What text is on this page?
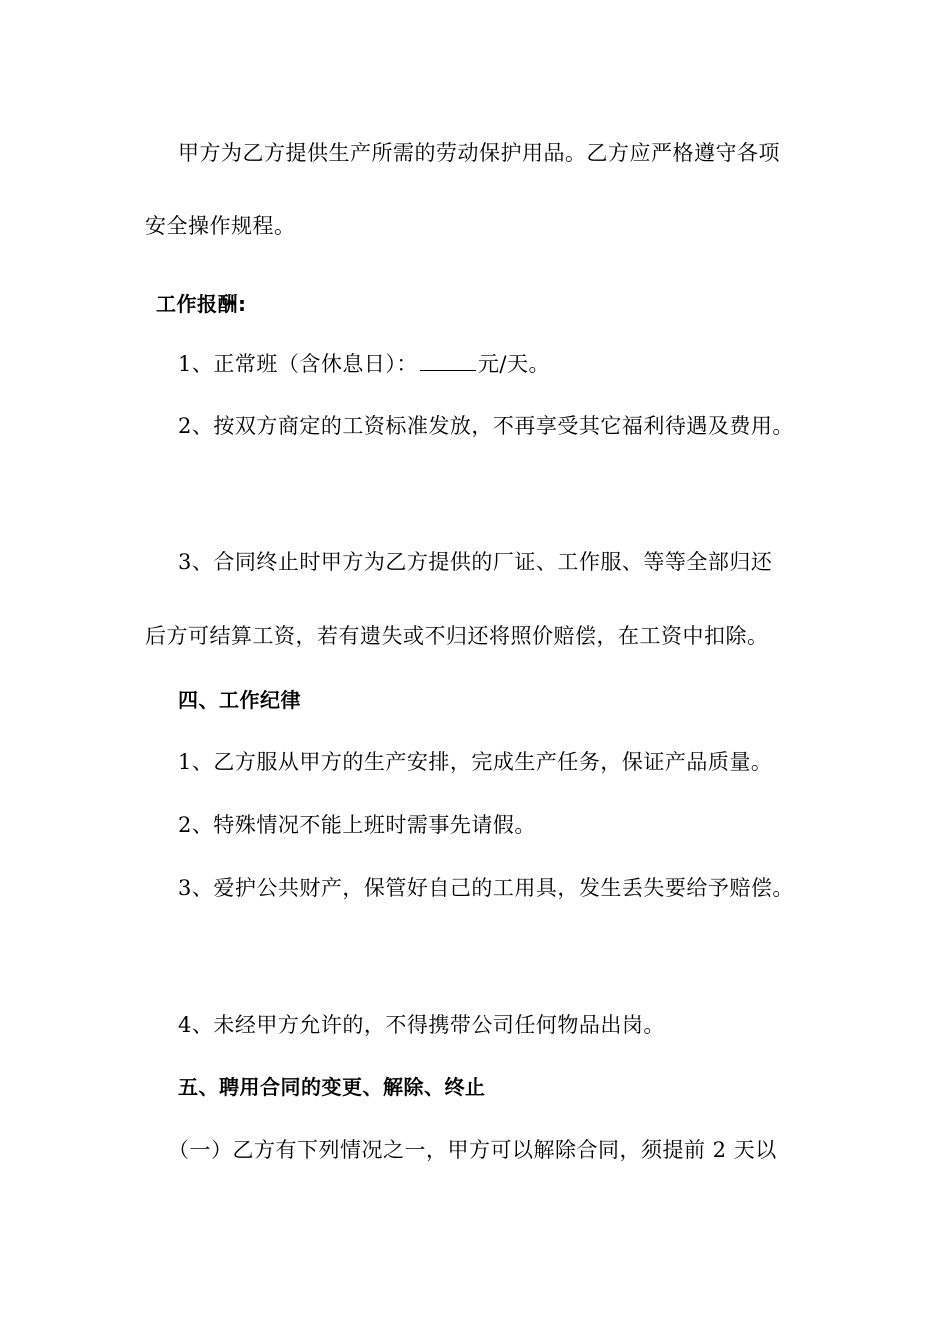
甲方为乙方提供生产所需的劳动保护用品。乙方应严格遵守各项
安全操作规程。
工作报酬:
1、正常班（含休息日）：	元/天。
2、按双方商定的工资标准发放，不再享受其它福利待遇及费用。
3、合同终止时甲方为乙方提供的厂证、工作服、等等全部归还
后方可结算工资，若有遗失或不归还将照价赔偿，在工资中扣除。
四、工作纪律
1、乙方服从甲方的生产安排，完成生产任务，保证产品质量。
2、特殊情况不能上班时需事先请假。
3、爱护公共财产，保管好自己的工用具，发生丢失要给予赔偿。
4、未经甲方允许的，不得携带公司任何物品出岗。
五、聘用合同的变更、解除、终止
（一）乙方有下列情况之一，甲方可以解除合同，须提前 2 天以
